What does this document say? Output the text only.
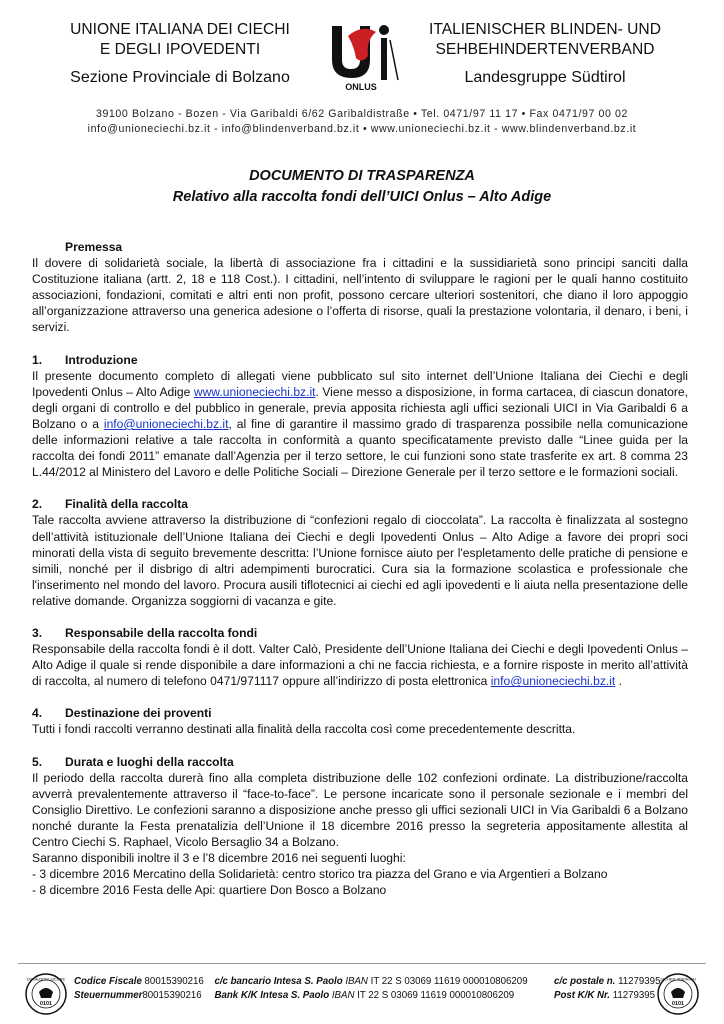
UNIONE ITALIANA DEI CIECHI
E DEGLI IPOVEDENTI
Sezione Provinciale di Bolzano
ONLUS
ITALIENISCHER BLINDEN- UND
SEHBEHINDERTENVERBAND
Landesgruppe Südtirol
39100 Bolzano - Bozen - Via Garibaldi 6/62 Garibaldistraße • Tel. 0471/97 11 17 • Fax 0471/97 00 02
info@unioneciechi.bz.it - info@blindenverband.bz.it • www.unioneciechi.bz.it - www.blindenverband.bz.it
DOCUMENTO DI TRASPARENZA
Relativo alla raccolta fondi dell’UICI Onlus – Alto Adige
Premessa

Il dovere di solidarietà sociale, la libertà di associazione fra i cittadini e la sussidiarietà sono principi sanciti dalla Costituzione italiana (artt. 2, 18 e 118 Cost.). I cittadini, nell’intento di sviluppare le ragioni per le quali hanno costituito associazioni, fondazioni, comitati e altri enti non profit, possono cercare ulteriori sostenitori, che diano il loro appoggio all’organizzazione attraverso una generica adesione o l’offerta di risorse, quali la prestazione volontaria, il denaro, i beni, i servizi.

1. Introduzione

Il presente documento completo di allegati viene pubblicato sul sito internet dell’Unione Italiana dei Ciechi e degli Ipovedenti Onlus – Alto Adige www.unioneciechi.bz.it. Viene messo a disposizione, in forma cartacea, di ciascun donatore, degli organi di controllo e del pubblico in generale, previa apposita richiesta agli uffici sezionali UICI in Via Garibaldi 6 a Bolzano o a info@unioneciechi.bz.it, al fine di garantire il massimo grado di trasparenza possibile nella comunicazione delle informazioni relative a tale raccolta in conformità a quanto specificatamente previsto dalle “Linee guida per la raccolta dei fondi 2011” emanate dall’Agenzia per il terzo settore, le cui funzioni sono state trasferite ex art. 8 comma 23 L.44/2012 al Ministero del Lavoro e delle Politiche Sociali – Direzione Generale per il terzo settore e le formazioni sociali.

2. Finalità della raccolta

Tale raccolta avviene attraverso la distribuzione di “confezioni regalo di cioccolata”. La raccolta è finalizzata al sostegno dell’attività istituzionale dell’Unione Italiana dei Ciechi e degli Ipovedenti Onlus – Alto Adige a favore dei propri soci minorati della vista di seguito brevemente descritta: l’Unione fornisce aiuto per l'espletamento delle pratiche di pensione e simili, nonché per il disbrigo di altri adempimenti burocratici. Cura sia la formazione scolastica e professionale che l'inserimento nel mondo del lavoro. Procura ausili tiflotecnici ai ciechi ed agli ipovedenti e li aiuta nella presentazione delle relative domande. Organizza soggiorni di vacanza e gite.

3. Responsabile della raccolta fondi

Responsabile della raccolta fondi è il dott. Valter Calò, Presidente dell’Unione Italiana dei Ciechi e degli Ipovedenti Onlus – Alto Adige il quale si rende disponibile a dare informazioni a chi ne faccia richiesta, e a fornire risposte in merito all’attività di raccolta, al numero di telefono 0471/971117 oppure all’indirizzo di posta elettronica info@unioneciechi.bz.it .

4. Destinazione dei proventi

Tutti i fondi raccolti verranno destinati alla finalità della raccolta così come precedentemente descritta.

5. Durata e luoghi della raccolta

Il periodo della raccolta durerà fino alla completa distribuzione delle 102 confezioni ordinate. La distribuzione/raccolta avverrà prevalentemente attraverso il “face-to-face”. Le persone incaricate sono il personale sezionale e i membri del Consiglio Direttivo. Le confezioni saranno a disposizione anche presso gli uffici sezionali UICI in Via Garibaldi 6 a Bolzano nonché durante la Festa prenatalizia dell’Unione il 18 dicembre 2016 presso la segreteria appositamente allestita al Centro Ciechi S. Raphael, Vicolo Bersaglio 34 a Bolzano.

Saranno disponibili inoltre il 3 e l’8 dicembre 2016 nei seguenti luoghi:

- 3 dicembre 2016 Mercatino della Solidarietà: centro storico tra piazza del Grano e via Argentieri a Bolzano
- 8 dicembre 2016 Festa delle Api: quartiere Don Bosco a Bolzano
DONAZIONI SICURE
0101
Codice Fiscale 80015390216	c/c bancario Intesa S. Paolo IBAN IT 22 S 03069 11619 000010806209	c/c postale n. 11279395
Steuernummer80015390216	Bank K/K Intesa S. Paolo IBAN IT 22 S 03069 11619 000010806209	Post K/K Nr. 11279395
SICHER SPENDEN
0101
